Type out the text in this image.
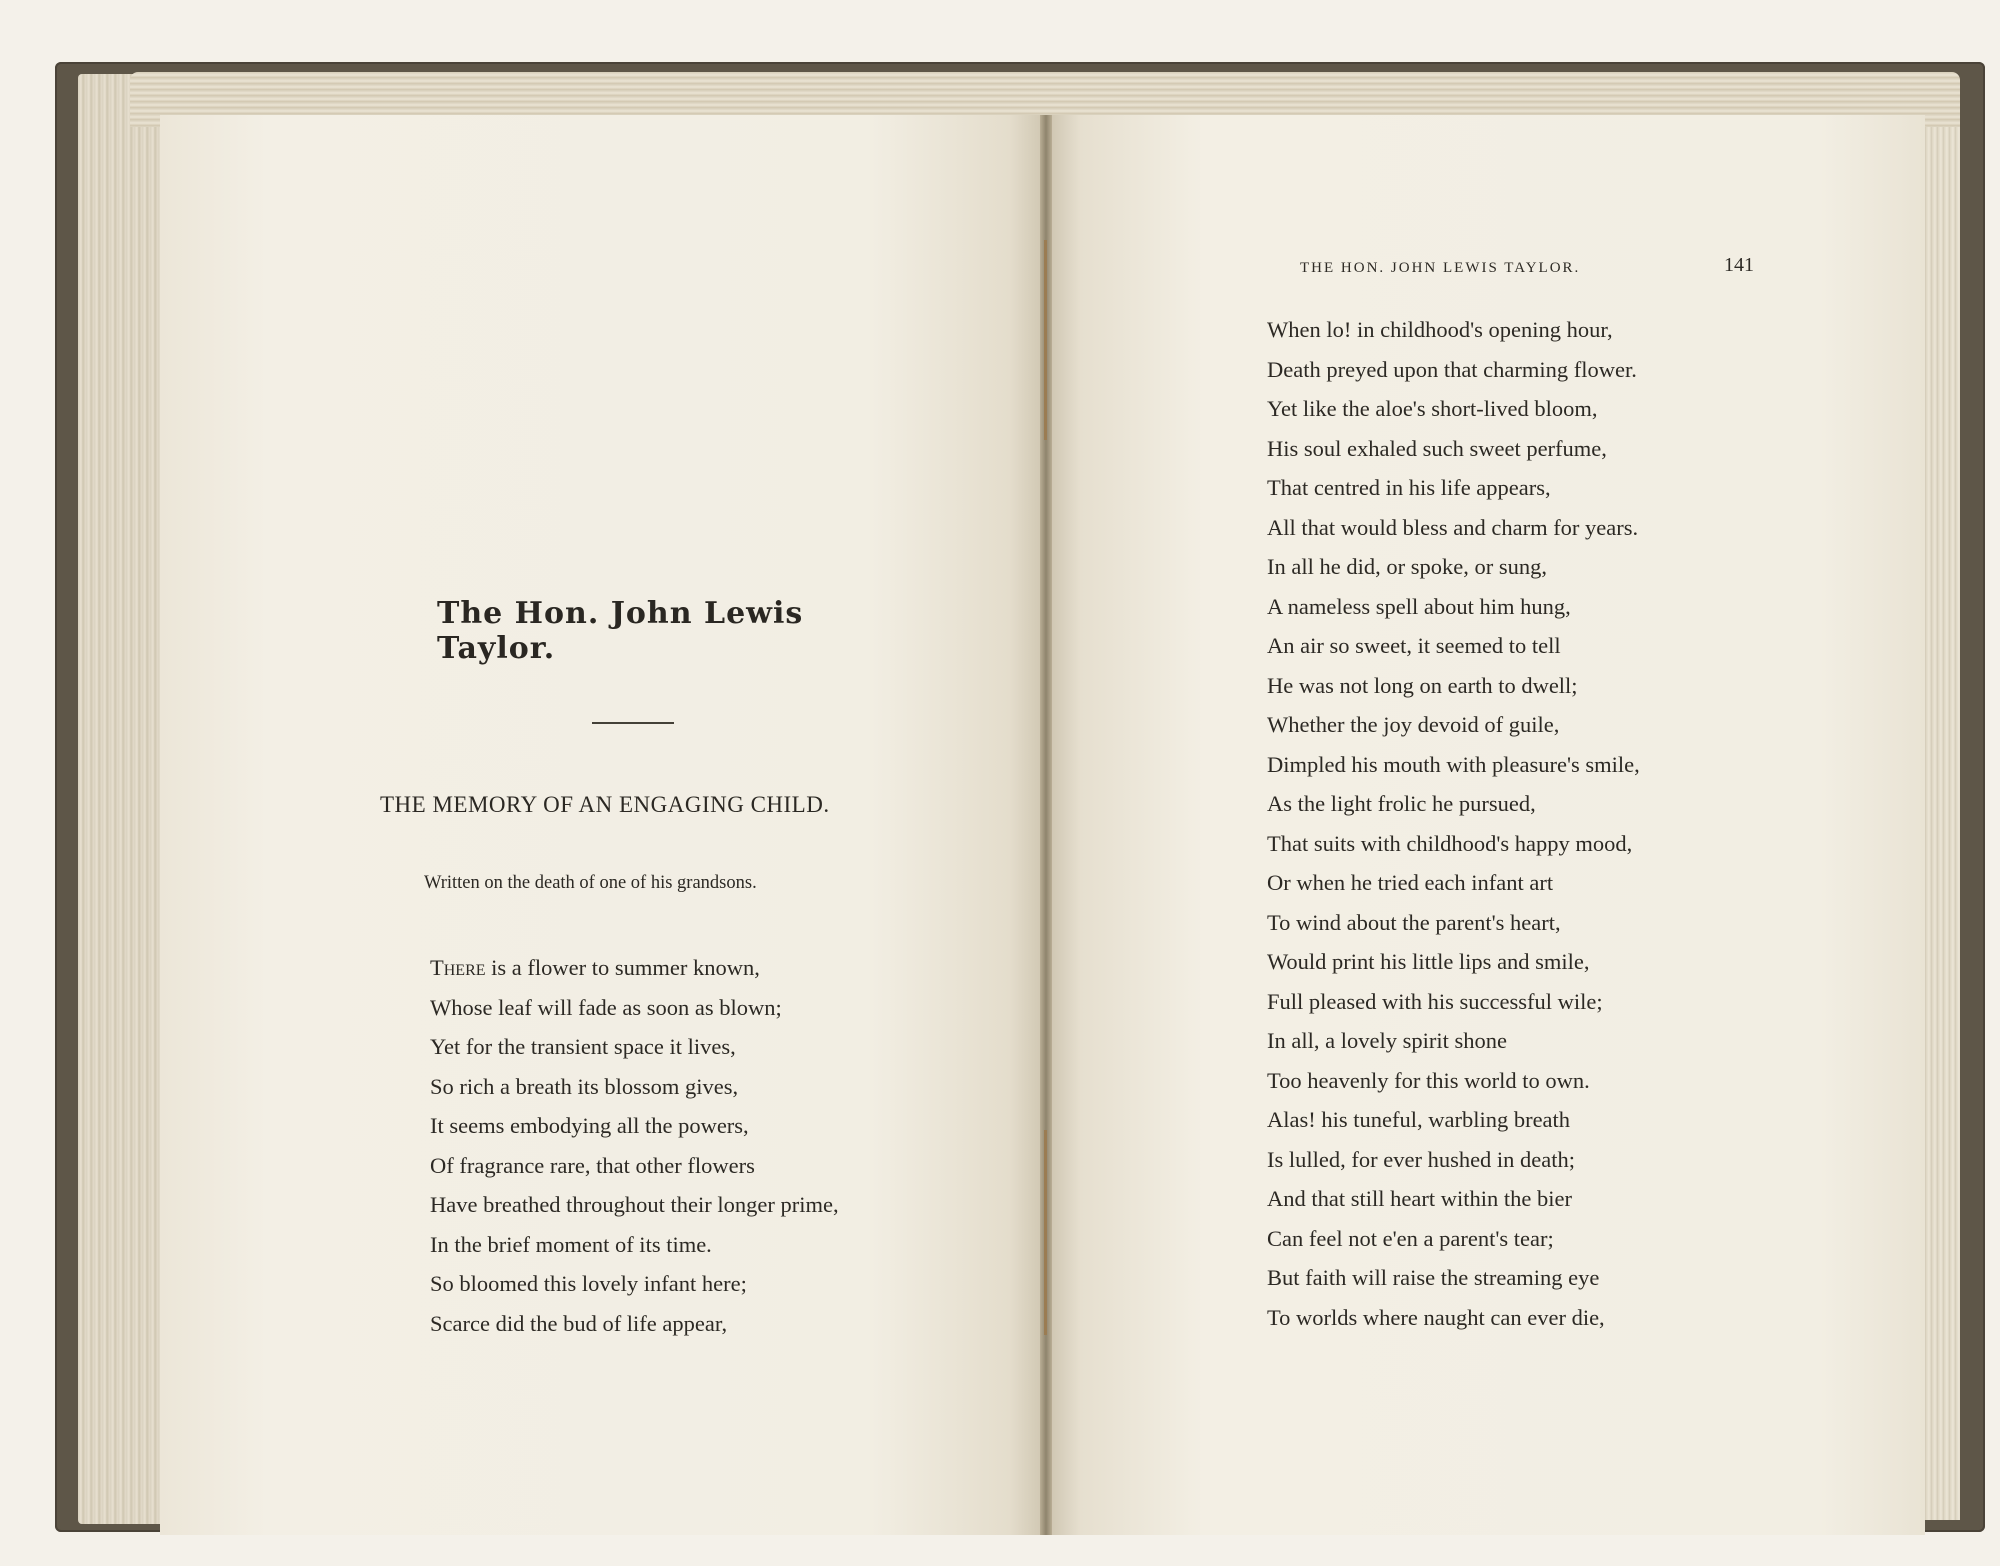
The Hon. John Lewis Taylor.
THE MEMORY OF AN ENGAGING CHILD.
Written on the death of one of his grandsons.
There is a flower to summer known,
Whose leaf will fade as soon as blown;
Yet for the transient space it lives,
So rich a breath its blossom gives,
It seems embodying all the powers,
Of fragrance rare, that other flowers
Have breathed throughout their longer prime,
In the brief moment of its time.
So bloomed this lovely infant here;
Scarce did the bud of life appear,
THE HON. JOHN LEWIS TAYLOR.	141
When lo! in childhood's opening hour,
Death preyed upon that charming flower.
Yet like the aloe's short-lived bloom,
His soul exhaled such sweet perfume,
That centred in his life appears,
All that would bless and charm for years.
In all he did, or spoke, or sung,
A nameless spell about him hung,
An air so sweet, it seemed to tell
He was not long on earth to dwell;
Whether the joy devoid of guile,
Dimpled his mouth with pleasure's smile,
As the light frolic he pursued,
That suits with childhood's happy mood,
Or when he tried each infant art
To wind about the parent's heart,
Would print his little lips and smile,
Full pleased with his successful wile;
In all, a lovely spirit shone
Too heavenly for this world to own.
Alas! his tuneful, warbling breath
Is lulled, for ever hushed in death;
And that still heart within the bier
Can feel not e'en a parent's tear;
But faith will raise the streaming eye
To worlds where naught can ever die,
